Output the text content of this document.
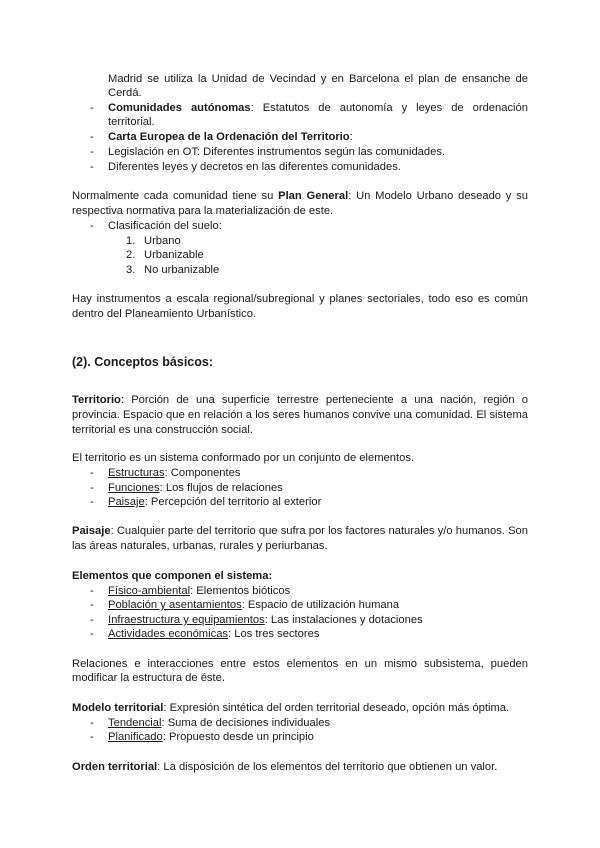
Madrid se utiliza la Unidad de Vecindad y en Barcelona el plan de ensanche de
Cerdá.
- Comunidades autónomas: Estatutos de autonomía y leyes de ordenación
territorial.
- Carta Europea de la Ordenación del Territorio:
- Legislación en OT: Diferentes instrumentos según las comunidades.
- Diferentes leyes y decretos en las diferentes comunidades.
Normalmente cada comunidad tiene su Plan General: Un Modelo Urbano deseado y su
respectiva normativa para la materialización de este.
- Clasificación del suelo:
1. Urbano
2. Urbanizable
3. No urbanizable
Hay instrumentos a escala regional/subregional y planes sectoriales, todo eso es común
dentro del Planeamiento Urbanístico.
(2). Conceptos básicos:
Territorio: Porción de una superficie terrestre perteneciente a una nación, región o
provincia. Espacio que en relación a los seres humanos convive una comunidad. El sistema
territorial es una construcción social.
El territorio es un sistema conformado por un conjunto de elementos.
- Estructuras: Componentes
- Funciones: Los flujos de relaciones
- Paisaje: Percepción del territorio al exterior
Paisaje: Cualquier parte del territorio que sufra por los factores naturales y/o humanos. Son
las áreas naturales, urbanas, rurales y periurbanas.
Elementos que componen el sistema:
- Físico-ambiental: Elementos bióticos
- Población y asentamientos: Espacio de utilización humana
- Infraestructura y equipamientos: Las instalaciones y dotaciones
- Actividades económicas: Los tres sectores
Relaciones e interacciones entre estos elementos en un mismo subsistema, pueden
modificar la estructura de éste.
Modelo territorial: Expresión sintética del orden territorial deseado, opción más óptima.
- Tendencial: Suma de decisiones individuales
- Planificado: Propuesto desde un principio
Orden territorial: La disposición de los elementos del territorio que obtienen un valor.
